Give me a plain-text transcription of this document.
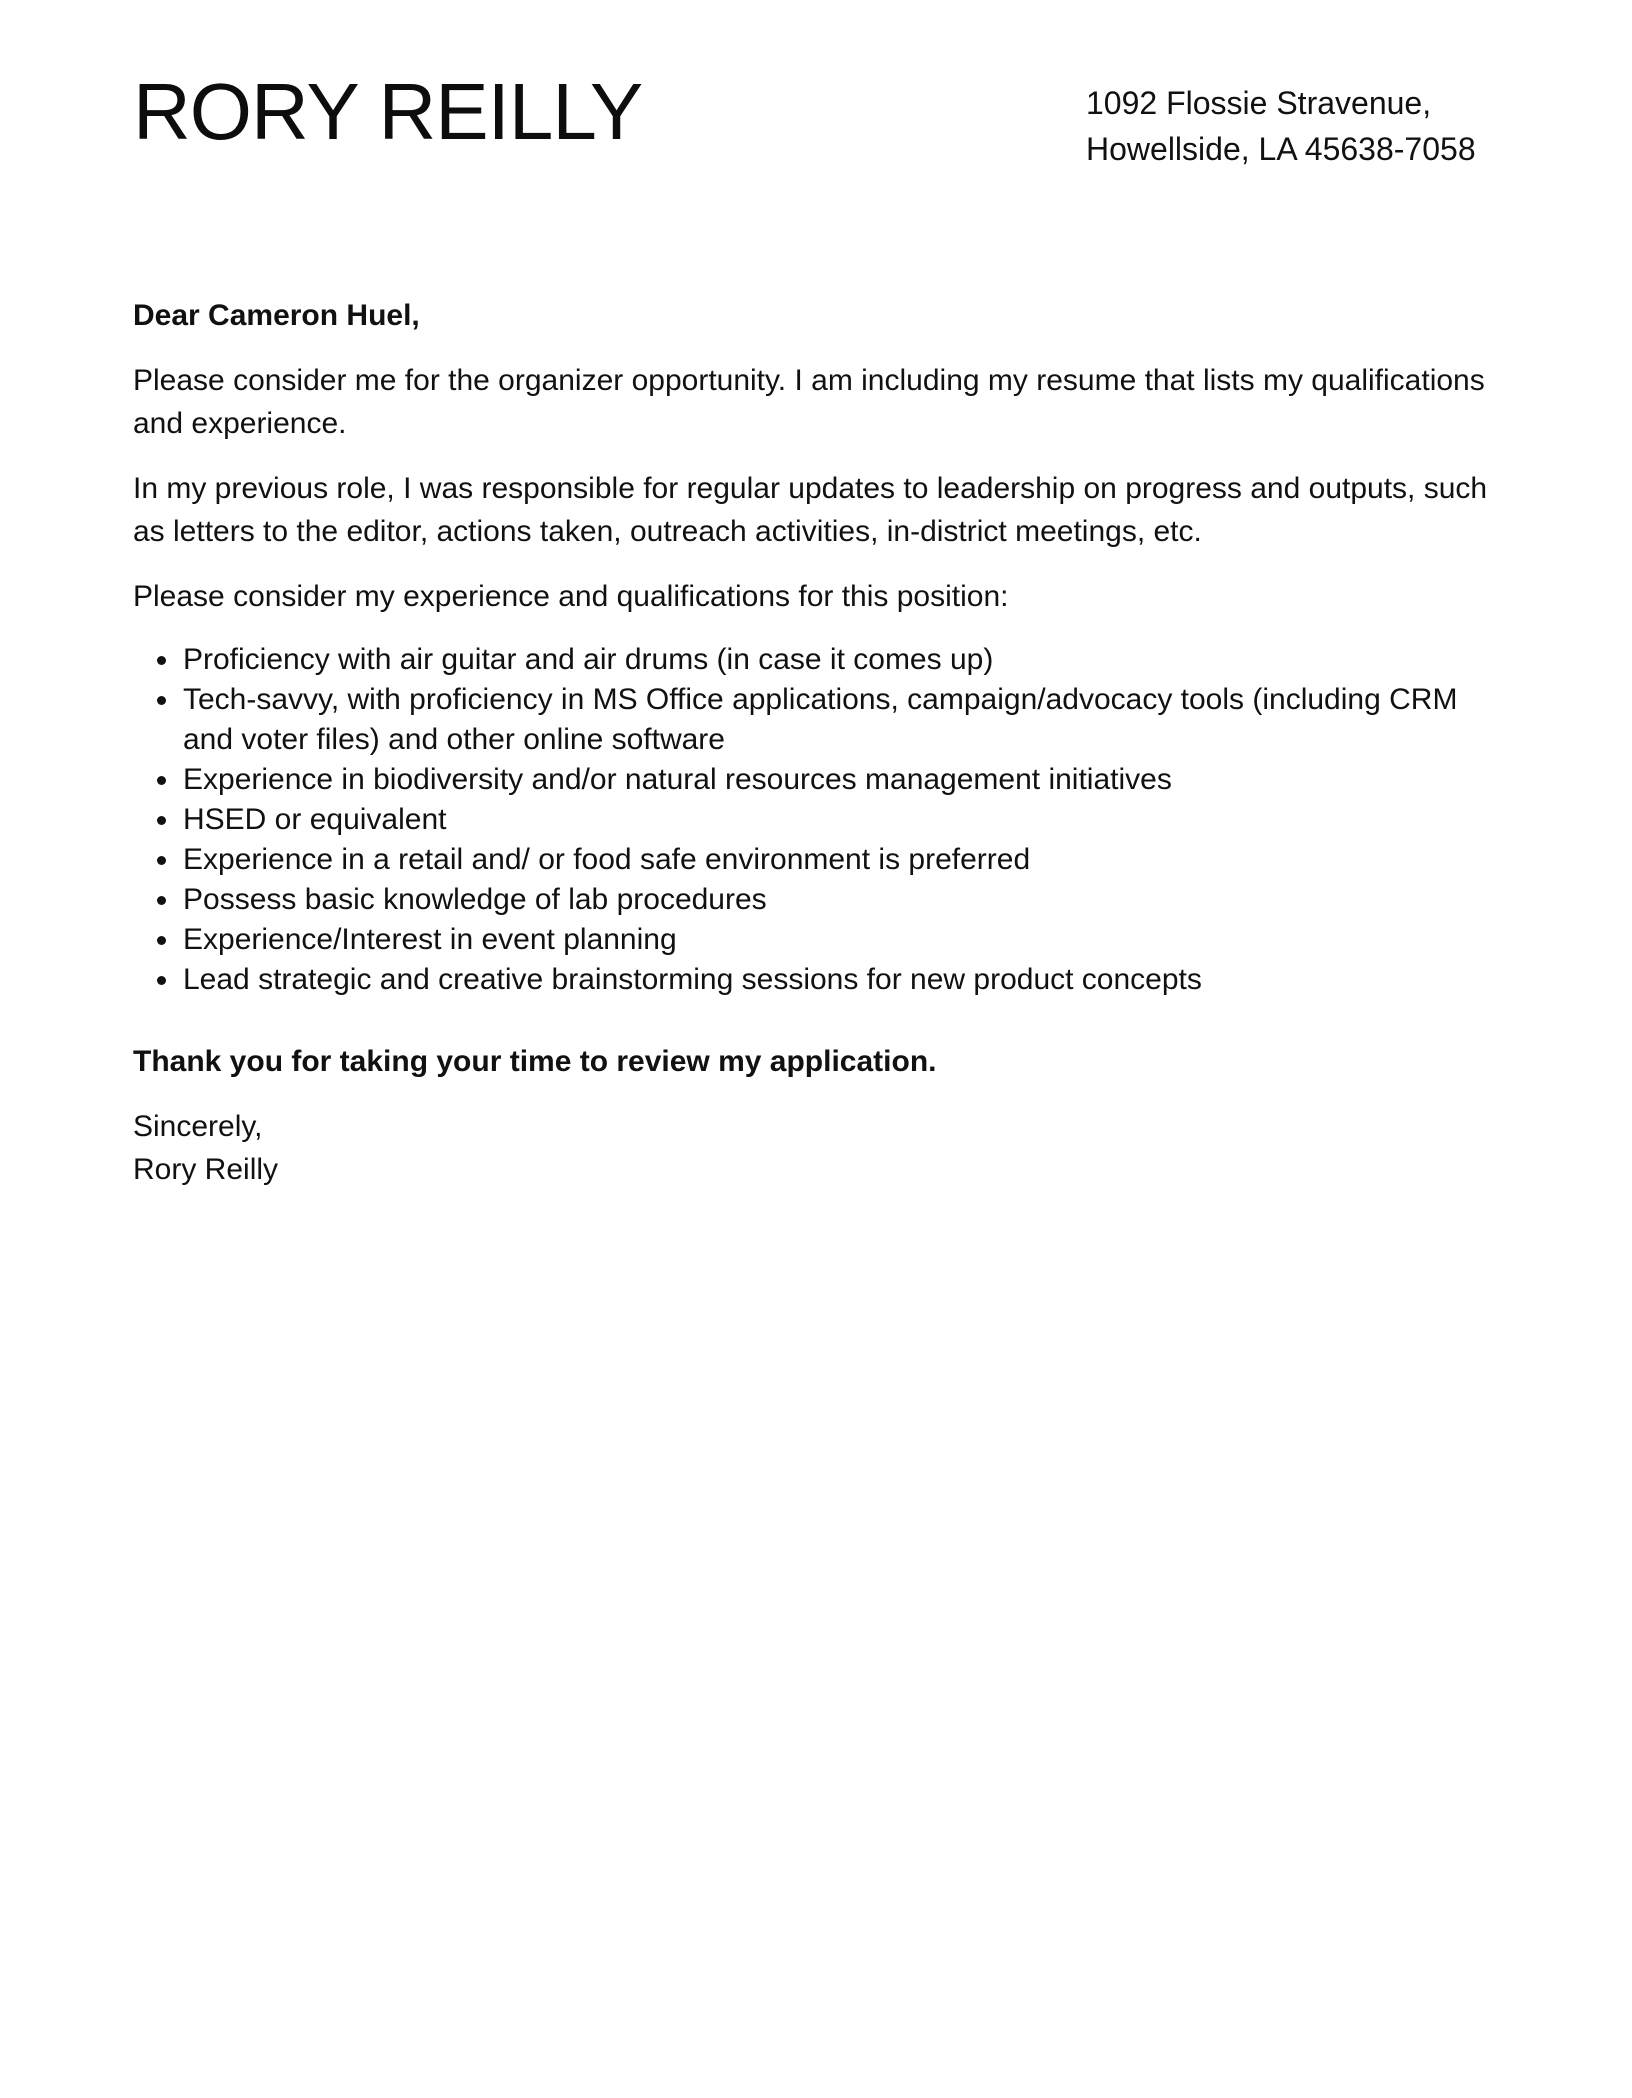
RORY REILLY	1092 Flossie Stravenue,
Howellside, LA 45638-7058

Dear Cameron Huel,

Please consider me for the organizer opportunity. I am including my resume that lists my qualifications and experience.

In my previous role, I was responsible for regular updates to leadership on progress and outputs, such as letters to the editor, actions taken, outreach activities, in-district meetings, etc.

Please consider my experience and qualifications for this position:

• Proficiency with air guitar and air drums (in case it comes up)
• Tech-savvy, with proficiency in MS Office applications, campaign/advocacy tools (including CRM and voter files) and other online software
• Experience in biodiversity and/or natural resources management initiatives
• HSED or equivalent
• Experience in a retail and/ or food safe environment is preferred
• Possess basic knowledge of lab procedures
• Experience/Interest in event planning
• Lead strategic and creative brainstorming sessions for new product concepts

Thank you for taking your time to review my application.

Sincerely,
Rory Reilly
